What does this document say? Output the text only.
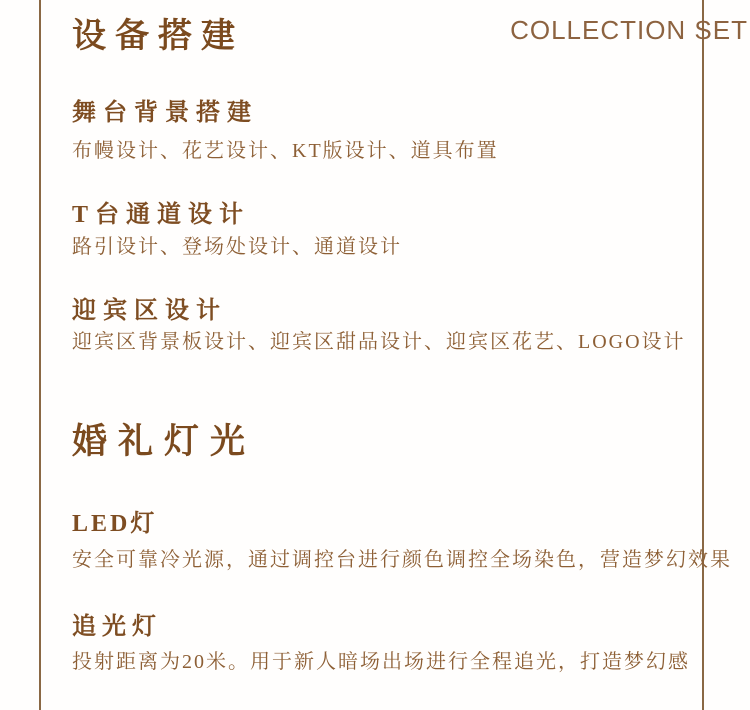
设备搭建	COLLECTION SET
舞台背景搭建
布幔设计、花艺设计、KT版设计、道具布置
T台通道设计
路引设计、登场处设计、通道设计
迎宾区设计
迎宾区背景板设计、迎宾区甜品设计、迎宾区花艺、LOGO设计
婚礼灯光
LED灯
安全可靠冷光源，通过调控台进行颜色调控全场染色，营造梦幻效果
追光灯
投射距离为20米。用于新人暗场出场进行全程追光，打造梦幻感
